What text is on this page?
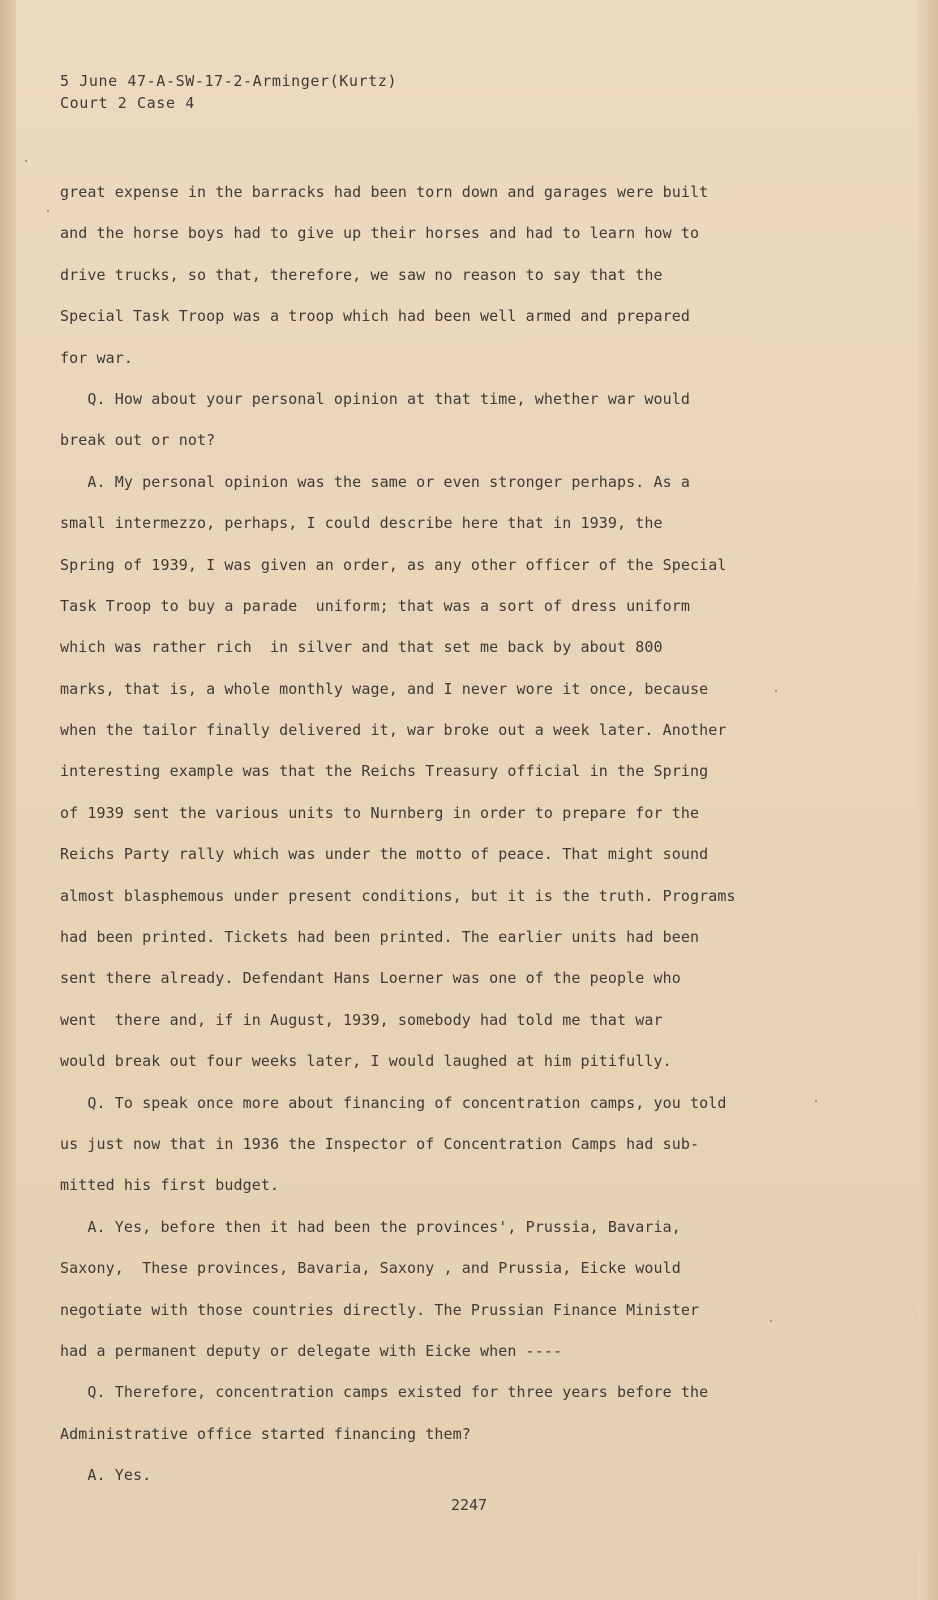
5 June 47-A-SW-17-2-Arminger(Kurtz)
Court 2 Case 4
great expense in the barracks had been torn down and garages were built
and the horse boys had to give up their horses and had to learn how to
drive trucks, so that, therefore, we saw no reason to say that the
Special Task Troop was a troop which had been well armed and prepared
for war.
Q. How about your personal opinion at that time, whether war would
break out or not?
A. My personal opinion was the same or even stronger perhaps. As a
small intermezzo, perhaps, I could describe here that in 1939, the
Spring of 1939, I was given an order, as any other officer of the Special
Task Troop to buy a parade  uniform; that was a sort of dress uniform
which was rather rich  in silver and that set me back by about 800
marks, that is, a whole monthly wage, and I never wore it once, because
when the tailor finally delivered it, war broke out a week later. Another
interesting example was that the Reichs Treasury official in the Spring
of 1939 sent the various units to Nurnberg in order to prepare for the
Reichs Party rally which was under the motto of peace. That might sound
almost blasphemous under present conditions, but it is the truth. Programs
had been printed. Tickets had been printed. The earlier units had been
sent there already. Defendant Hans Loerner was one of the people who
went  there and, if in August, 1939, somebody had told me that war
would break out four weeks later, I would laughed at him pitifully.
Q. To speak once more about financing of concentration camps, you told
us just now that in 1936 the Inspector of Concentration Camps had sub-
mitted his first budget.
A. Yes, before then it had been the provinces', Prussia, Bavaria,
Saxony,  These provinces, Bavaria, Saxony , and Prussia, Eicke would
negotiate with those countries directly. The Prussian Finance Minister
had a permanent deputy or delegate with Eicke when ----
Q. Therefore, concentration camps existed for three years before the
Administrative office started financing them?
A. Yes.
2247
